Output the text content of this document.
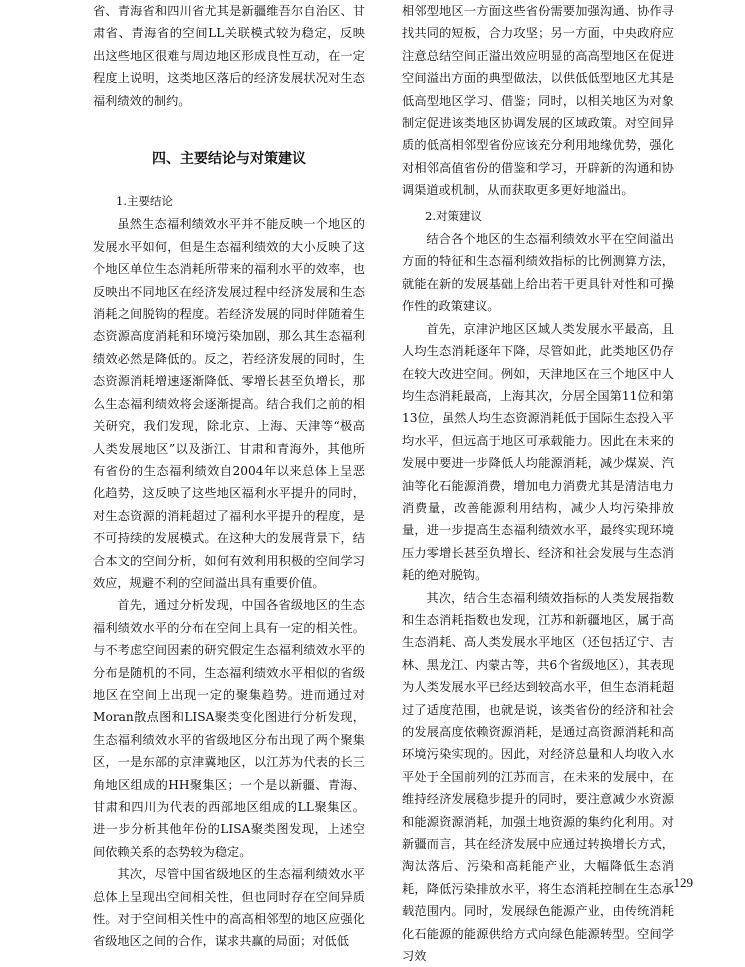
省、青海省和四川省尤其是新疆维吾尔自治区、甘肃省、青海省的空间LL关联模式较为稳定，反映出这些地区很难与周边地区形成良性互动，在一定程度上说明，这类地区落后的经济发展状况对生态福利绩效的制约。

四、主要结论与对策建议
1.主要结论

虽然生态福利绩效水平并不能反映一个地区的发展水平如何，但是生态福利绩效的大小反映了这个地区单位生态消耗所带来的福利水平的效率，也反映出不同地区在经济发展过程中经济发展和生态消耗之间脱钩的程度。若经济发展的同时伴随着生态资源高度消耗和环境污染加剧，那么其生态福利绩效必然是降低的。反之，若经济发展的同时，生态资源消耗增速逐渐降低、零增长甚至负增长，那么生态福利绩效将会逐渐提高。结合我们之前的相关研究，我们发现，除北京、上海、天津等“极高人类发展地区”以及浙江、甘肃和青海外，其他所有省份的生态福利绩效自2004年以来总体上呈恶化趋势，这反映了这些地区福利水平提升的同时，对生态资源的消耗超过了福利水平提升的程度，是不可持续的发展模式。在这种大的发展背景下，结合本文的空间分析，如何有效利用积极的空间学习效应，规避不利的空间溢出具有重要价值。

首先，通过分析发现，中国各省级地区的生态福利绩效水平的分布在空间上具有一定的相关性。与不考虑空间因素的研究假定生态福利绩效水平的分布是随机的不同，生态福利绩效水平相似的省级地区在空间上出现一定的聚集趋势。进而通过对Moran散点图和LISA聚类变化图进行分析发现，生态福利绩效水平的省级地区分布出现了两个聚集区，一是东部的京津冀地区，以江苏为代表的长三角地区组成的HH聚集区；一个是以新疆、青海、甘肃和四川为代表的西部地区组成的LL聚集区。进一步分析其他年份的LISA聚类图发现，上述空间依赖关系的态势较为稳定。

其次，尽管中国省级地区的生态福利绩效水平总体上呈现出空间相关性，但也同时存在空间异质性。对于空间相关性中的高高相邻型的地区应强化省级地区之间的合作，谋求共赢的局面；对低低

相邻型地区一方面这些省份需要加强沟通、协作寻找共同的短板，合力攻坚；另一方面，中央政府应注意总结空间正溢出效应明显的高高型地区在促进空间溢出方面的典型做法，以供低低型地区尤其是低高型地区学习、借鉴；同时，以相关地区为对象制定促进该类地区协调发展的区域政策。对空间异质的低高相邻型省份应该充分利用地缘优势，强化对相邻高值省份的借鉴和学习，开辟新的沟通和协调渠道或机制，从而获取更多更好地溢出。

2.对策建议

结合各个地区的生态福利绩效水平在空间溢出方面的特征和生态福利绩效指标的比例测算方法，就能在新的发展基础上给出若干更具针对性和可操作性的政策建议。

首先，京津沪地区区域人类发展水平最高，且人均生态消耗逐年下降，尽管如此，此类地区仍存在较大改进空间。例如，天津地区在三个地区中人均生态消耗最高，上海其次，分居全国第11位和第13位，虽然人均生态资源消耗低于国际生态投入平均水平，但远高于地区可承载能力。因此在未来的发展中要进一步降低人均能源消耗，减少煤炭、汽油等化石能源消费，增加电力消费尤其是清洁电力消费量，改善能源利用结构，减少人均污染排放量，进一步提高生态福利绩效水平，最终实现环境压力零增长甚至负增长、经济和社会发展与生态消耗的绝对脱钩。

其次，结合生态福利绩效指标的人类发展指数和生态消耗指数也发现，江苏和新疆地区，属于高生态消耗、高人类发展水平地区（还包括辽宁、吉林、黑龙江、内蒙古等，共6个省级地区），其表现为人类发展水平已经达到较高水平，但生态消耗超过了适度范围，也就是说，该类省份的经济和社会的发展高度依赖资源消耗，是通过高资源消耗和高环境污染实现的。因此，对经济总量和人均收入水平处于全国前列的江苏而言，在未来的发展中，在维持经济发展稳步提升的同时，要注意减少水资源和能源资源消耗，加强土地资源的集约化利用。对新疆而言，其在经济发展中应通过转换增长方式，淘汰落后、污染和高耗能产业，大幅降低生态消耗，降低污染排放水平，将生态消耗控制在生态承载范围内。同时，发展绿色能源产业，由传统消耗化石能源的能源供给方式向绿色能源转型。空间学习效

129
